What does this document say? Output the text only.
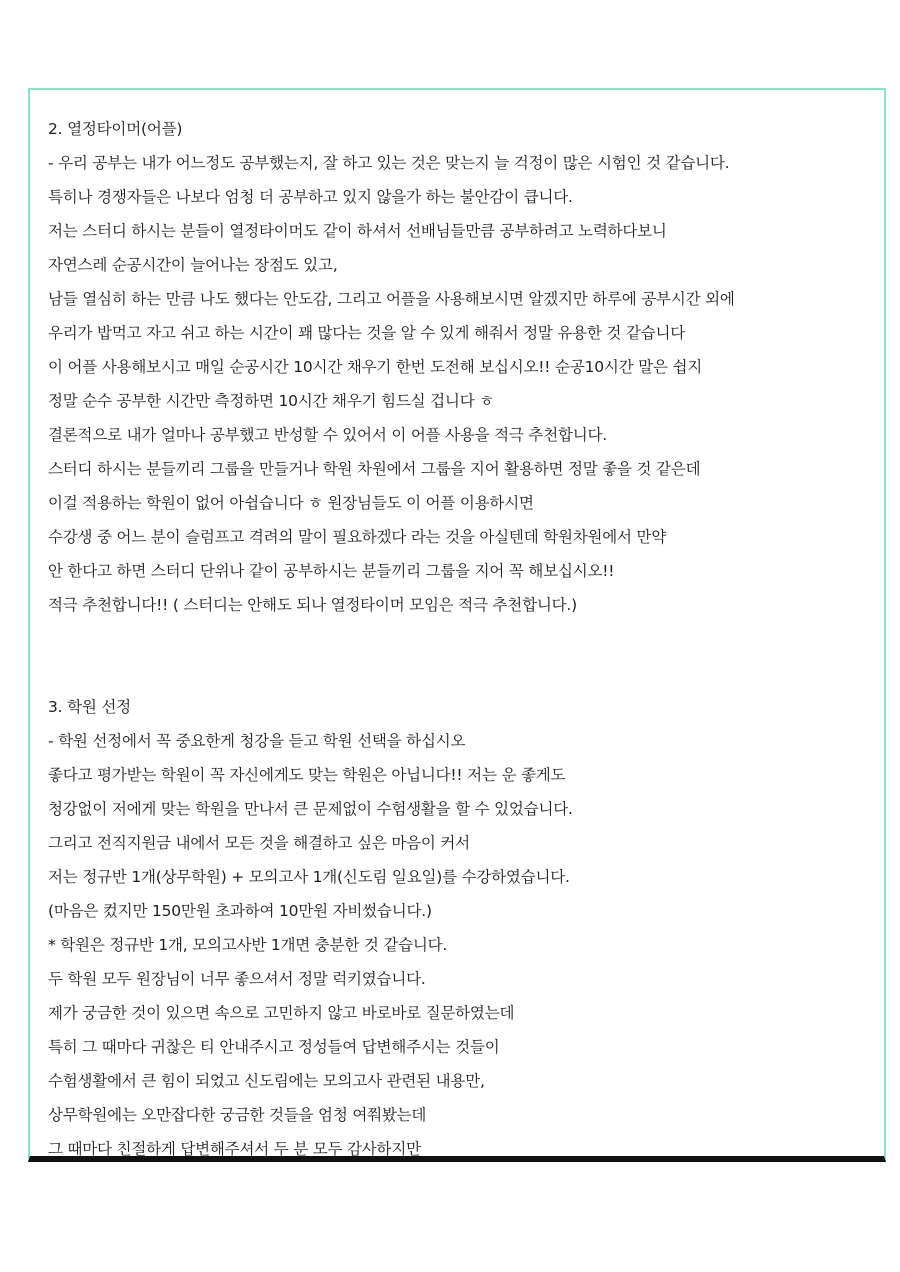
2. 열정타이머(어플)
- 우리 공부는 내가 어느정도 공부했는지, 잘 하고 있는 것은 맞는지 늘 걱정이 많은 시험인 것 같습니다.
특히나 경쟁자들은 나보다 엄청 더 공부하고 있지 않을가 하는 불안감이 큽니다.
저는 스터디 하시는 분들이 열정타이머도 같이 하셔서 선배님들만큼 공부하려고 노력하다보니
자연스레 순공시간이 늘어나는 장점도 있고,
남들 열심히 하는 만큼 나도 했다는 안도감, 그리고 어플을 사용해보시면 알겠지만 하루에 공부시간 외에
우리가 밥먹고 자고 쉬고 하는 시간이 꽤 많다는 것을 알 수 있게 해줘서 정말 유용한 것 같습니다
이 어플 사용해보시고 매일 순공시간 10시간 채우기 한번 도전해 보십시오!! 순공10시간 말은 쉽지
정말 순수 공부한 시간만 측정하면 10시간 채우기 힘드실 겁니다 ㅎ
결론적으로 내가 얼마나 공부했고 반성할 수 있어서 이 어플 사용을 적극 추천합니다.
스터디 하시는 분들끼리 그룹을 만들거나 학원 차원에서 그룹을 지어 활용하면 정말 좋을 것 같은데
이걸 적용하는 학원이 없어 아쉽습니다 ㅎ 원장님들도 이 어플 이용하시면
수강생 중 어느 분이 슬럼프고 격려의 말이 필요하겠다 라는 것을 아실텐데 학원차원에서 만약
안 한다고 하면 스터디 단위나 같이 공부하시는 분들끼리 그룹을 지어 꼭 해보십시오!!
적극 추천합니다!! ( 스터디는 안해도 되나 열정타이머 모임은 적극 추천합니다.)
3. 학원 선정
- 학원 선정에서 꼭 중요한게 청강을 듣고 학원 선택을 하십시오
좋다고 평가받는 학원이 꼭 자신에게도 맞는 학원은 아닙니다!! 저는 운 좋게도
청강없이 저에게 맞는 학원을 만나서 큰 문제없이 수험생활을 할 수 있었습니다.
그리고 전직지원금 내에서 모든 것을 해결하고 싶은 마음이 커서
저는 정규반 1개(상무학원) + 모의고사 1개(신도림 일요일)를 수강하였습니다.
(마음은 컸지만 150만원 초과하여 10만원 자비썼습니다.)
* 학원은 정규반 1개, 모의고사반 1개면 충분한 것 같습니다.
두 학원 모두 원장님이 너무 좋으셔서 정말 럭키였습니다.
제가 궁금한 것이 있으면 속으로 고민하지 않고 바로바로 질문하였는데
특히 그 때마다 귀찮은 티 안내주시고 정성들여 답변해주시는 것들이
수험생활에서 큰 힘이 되었고 신도림에는 모의고사 관련된 내용만,
상무학원에는 오만잡다한 궁금한 것들을 엄청 여쭤봤는데
그 때마다 친절하게 답변해주셔서 두 분 모두 감사하지만
